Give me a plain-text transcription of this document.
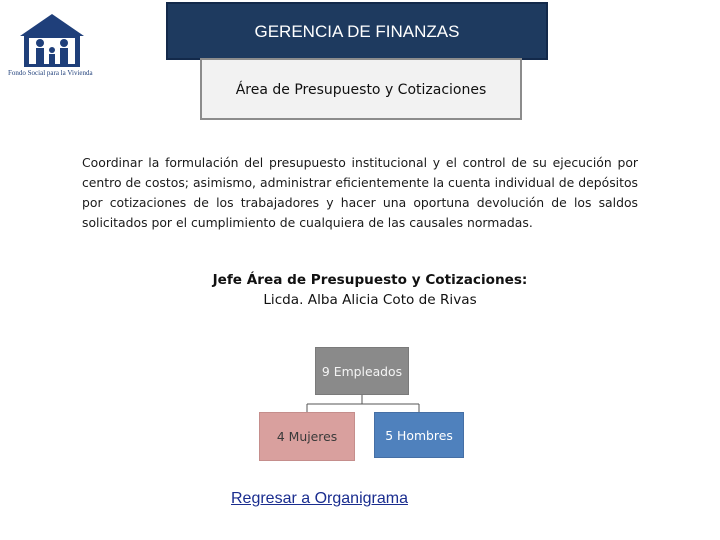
Fondo Social para la Vivienda
GERENCIA DE FINANZAS
Área de Presupuesto y Cotizaciones
Coordinar la formulación del presupuesto institucional y el control de su ejecución por centro de costos; asimismo, administrar eficientemente la cuenta individual de depósitos por cotizaciones de los trabajadores y hacer una oportuna devolución de los saldos solicitados por el cumplimiento de cualquiera de las causales normadas.
Jefe Área de Presupuesto y Cotizaciones:
Licda. Alba Alicia Coto de Rivas
9 Empleados
4 Mujeres	5 Hombres
Regresar a Organigrama
